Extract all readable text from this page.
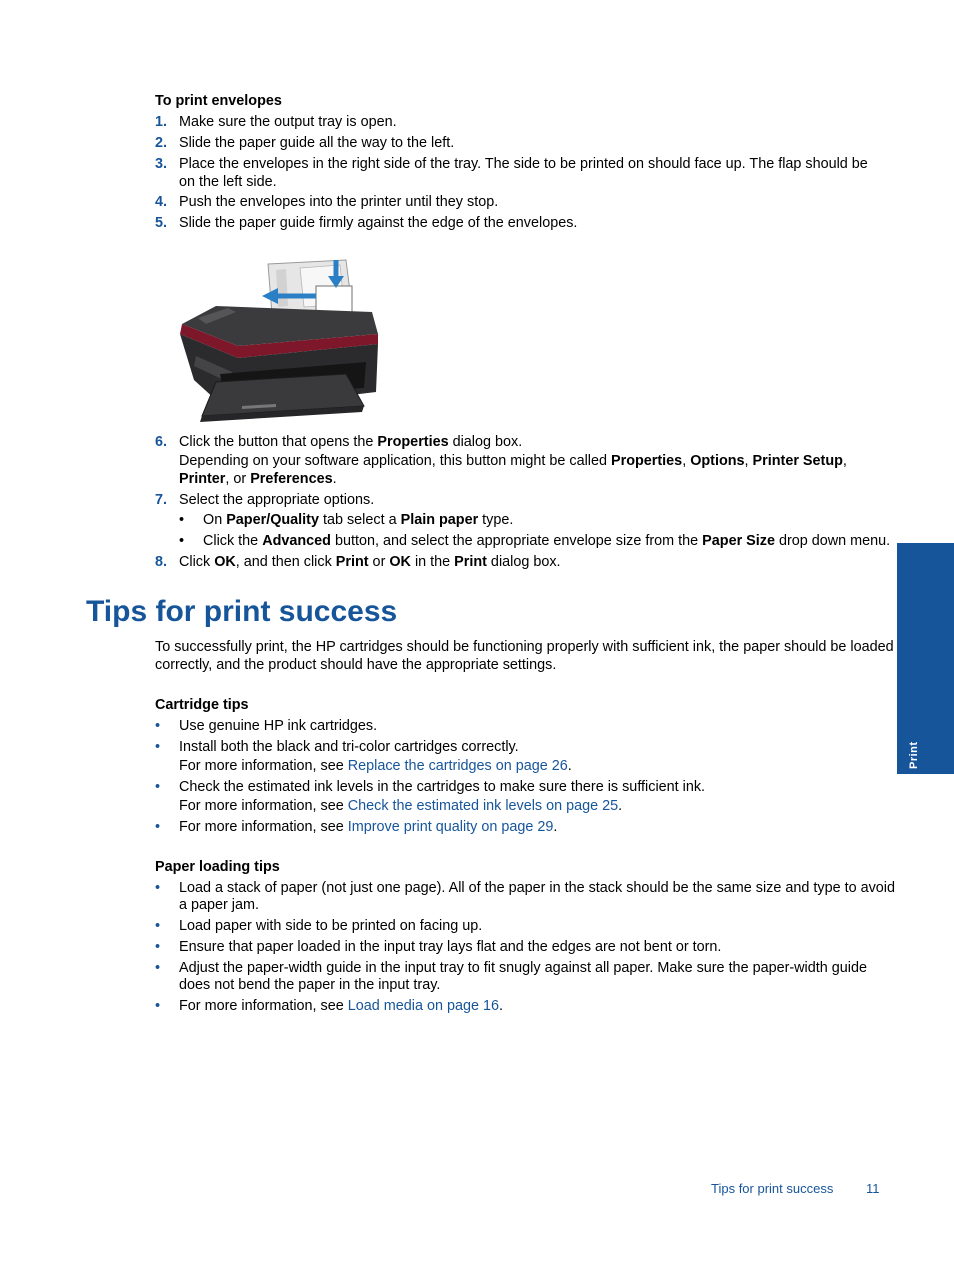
To print envelopes
1. Make sure the output tray is open.
2. Slide the paper guide all the way to the left.
3. Place the envelopes in the right side of the tray. The side to be printed on should face up. The flap should be
on the left side.
4. Push the envelopes into the printer until they stop.
5. Slide the paper guide firmly against the edge of the envelopes.
6. Click the button that opens the Properties dialog box.
Depending on your software application, this button might be called Properties, Options, Printer Setup,
Printer, or Preferences.
7. Select the appropriate options.
• On Paper/Quality tab select a Plain paper type.
• Click the Advanced button, and select the appropriate envelope size from the Paper Size drop down menu.
8. Click OK, and then click Print or OK in the Print dialog box.
Tips for print success
To successfully print, the HP cartridges should be functioning properly with sufficient ink, the paper should be loaded
correctly, and the product should have the appropriate settings.
Cartridge tips
• Use genuine HP ink cartridges.
• Install both the black and tri-color cartridges correctly.
For more information, see Replace the cartridges on page 26.
• Check the estimated ink levels in the cartridges to make sure there is sufficient ink.
For more information, see Check the estimated ink levels on page 25.
• For more information, see Improve print quality on page 29.
Paper loading tips
• Load a stack of paper (not just one page). All of the paper in the stack should be the same size and type to avoid
a paper jam.
• Load paper with side to be printed on facing up.
• Ensure that paper loaded in the input tray lays flat and the edges are not bent or torn.
• Adjust the paper-width guide in the input tray to fit snugly against all paper. Make sure the paper-width guide
does not bend the paper in the input tray.
• For more information, see Load media on page 16.
Print
Tips for print success	11
